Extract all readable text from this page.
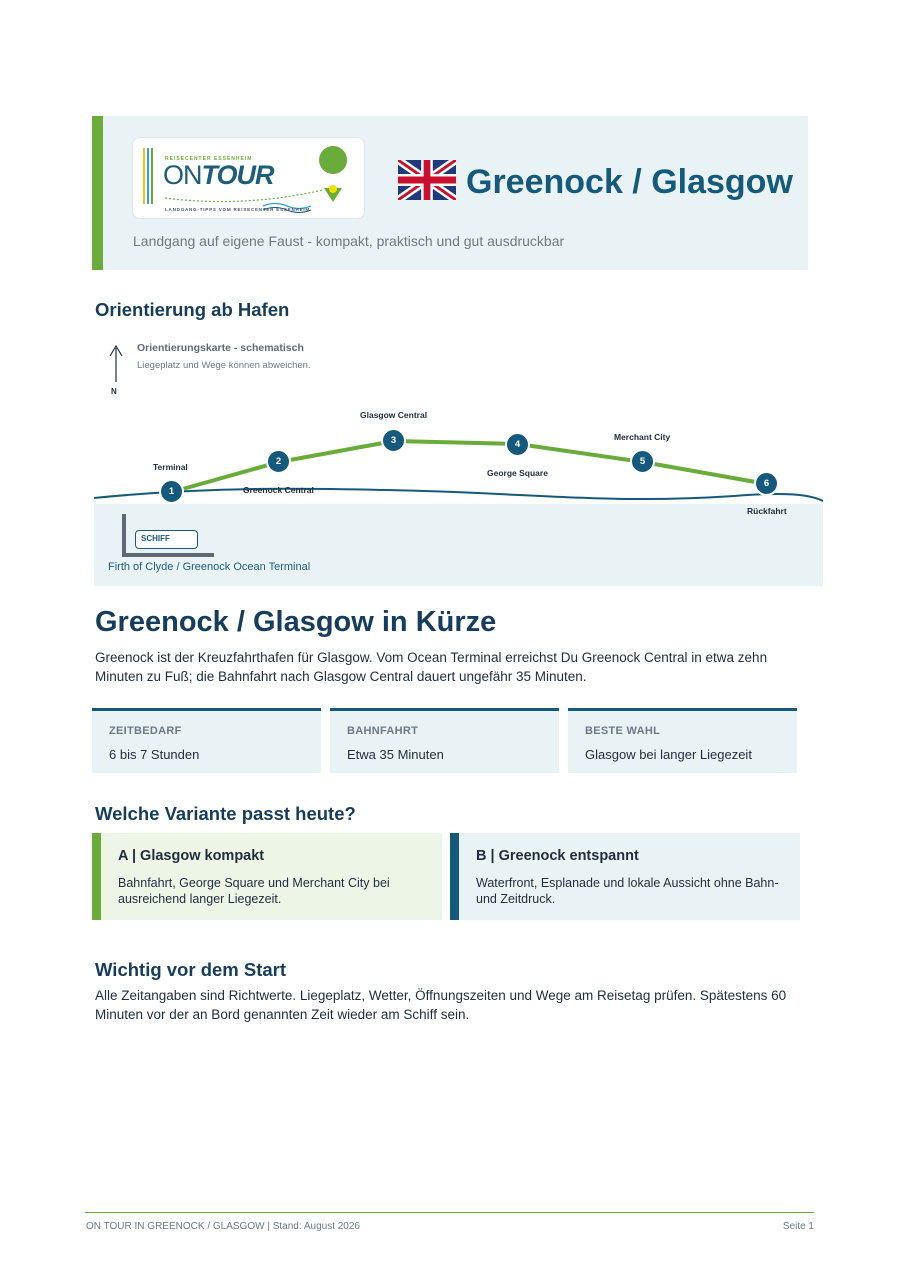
REISECENTER ESSENHEIM
ONTOUR
LANDGANG-TIPPS VOM REISECENTER ESSENHEIM
Greenock / Glasgow
Landgang auf eigene Faust - kompakt, praktisch und gut ausdruckbar
Orientierung ab Hafen
Orientierungskarte - schematisch
Liegeplatz und Wege können abweichen.
N
Terminal
Greenock Central
Glasgow Central
George Square
Merchant City
Rückfahrt
1
2
3	4
5
6
SCHIFF
Firth of Clyde / Greenock Ocean Terminal
Greenock / Glasgow in Kürze
Greenock ist der Kreuzfahrthafen für Glasgow. Vom Ocean Terminal erreichst Du Greenock Central in etwa zehn Minuten zu Fuß; die Bahnfahrt nach Glasgow Central dauert ungefähr 35 Minuten.
ZEITBEDARF
6 bis 7 Stunden
BAHNFAHRT
Etwa 35 Minuten
BESTE WAHL
Glasgow bei langer Liegezeit
Welche Variante passt heute?
A | Glasgow kompakt
Bahnfahrt, George Square und Merchant City bei ausreichend langer Liegezeit.
B | Greenock entspannt
Waterfront, Esplanade und lokale Aussicht ohne Bahn- und Zeitdruck.
Wichtig vor dem Start
Alle Zeitangaben sind Richtwerte. Liegeplatz, Wetter, Öffnungszeiten und Wege am Reisetag prüfen. Spätestens 60 Minuten vor der an Bord genannten Zeit wieder am Schiff sein.
ON TOUR IN GREENOCK / GLASGOW | Stand: August 2026	Seite 1
